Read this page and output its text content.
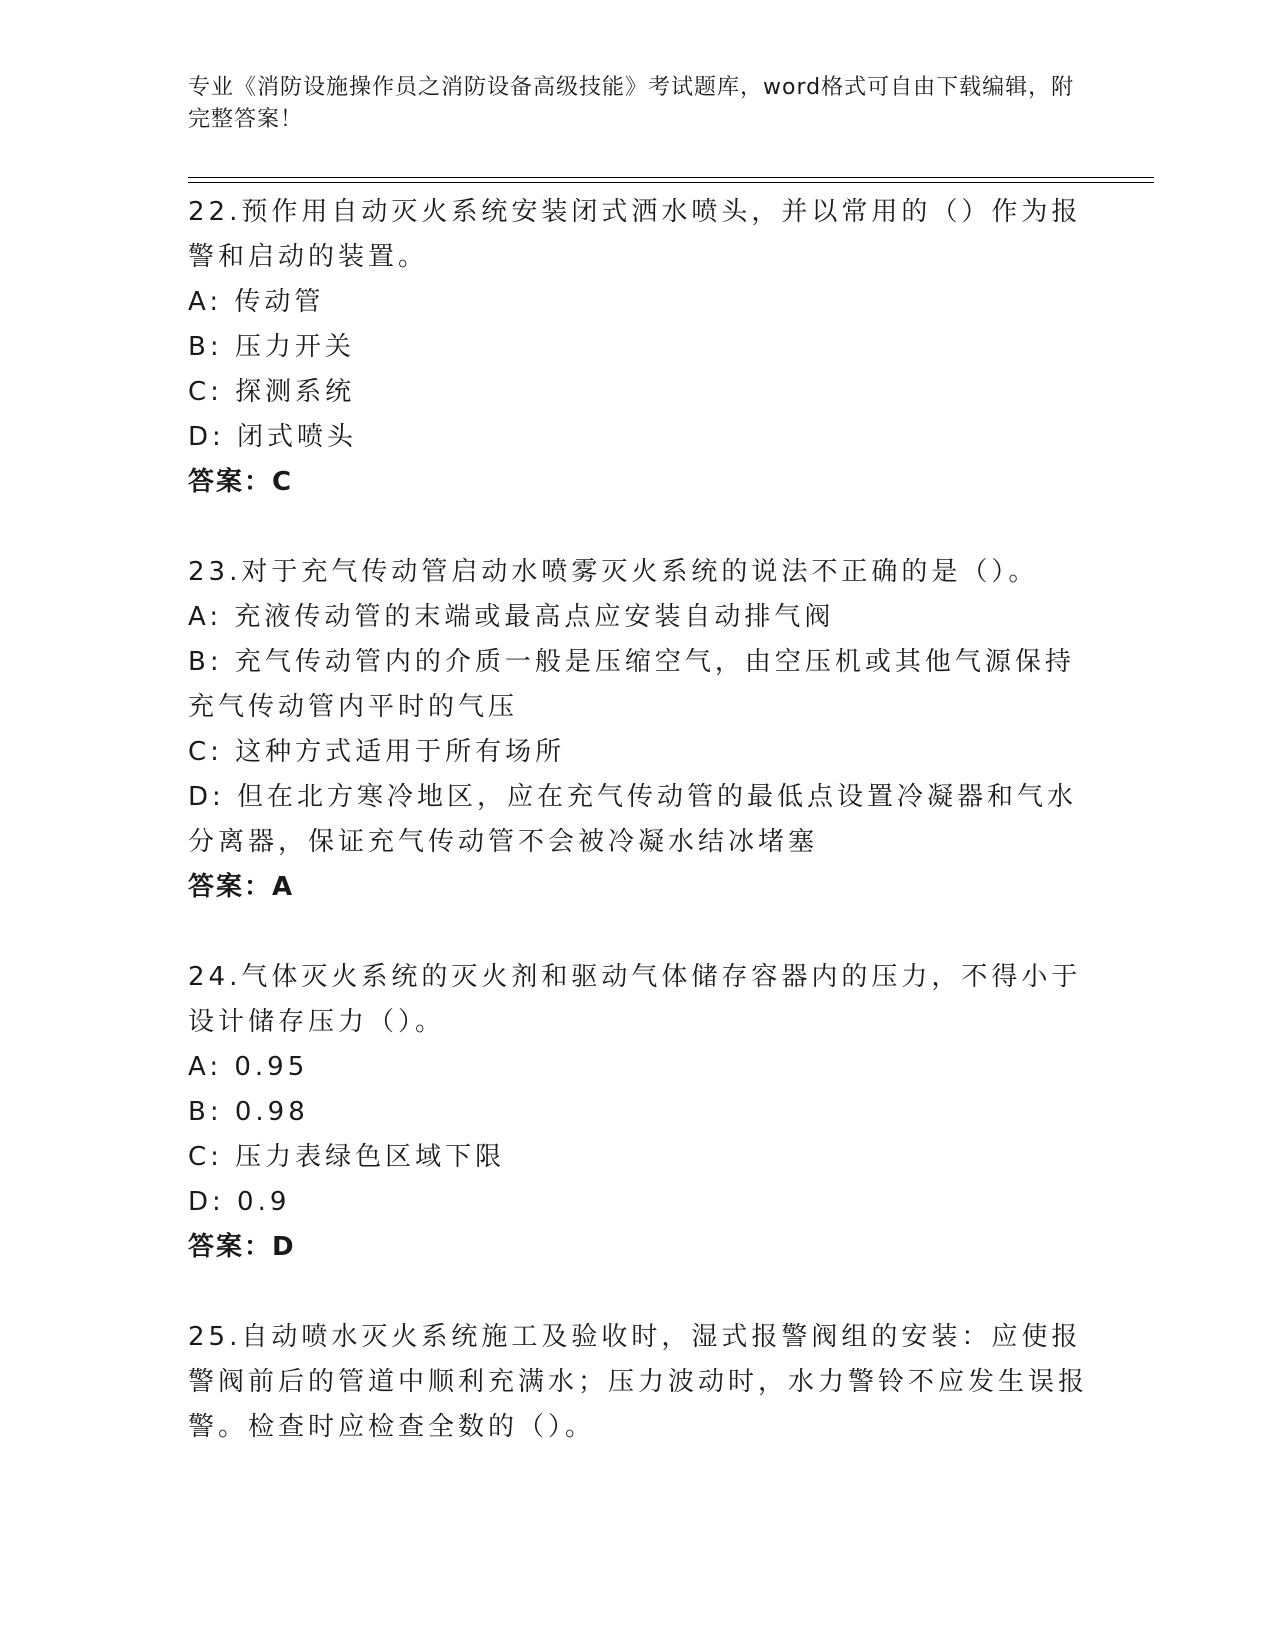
专业《消防设施操作员之消防设备高级技能》考试题库，word格式可自由下载编辑，附完整答案！

22.预作用自动灭火系统安装闭式洒水喷头，并以常用的（）作为报警和启动的装置。

A: 传动管

B: 压力开关

C: 探测系统

D: 闭式喷头

答案：C

23.对于充气传动管启动水喷雾灭火系统的说法不正确的是（）。

A: 充液传动管的末端或最高点应安装自动排气阀

B: 充气传动管内的介质一般是压缩空气，由空压机或其他气源保持充气传动管内平时的气压

C: 这种方式适用于所有场所

D: 但在北方寒冷地区，应在充气传动管的最低点设置冷凝器和气水分离器，保证充气传动管不会被冷凝水结冰堵塞

答案：A

24.气体灭火系统的灭火剂和驱动气体储存容器内的压力，不得小于设计储存压力（）。

A: 0.95

B: 0.98

C: 压力表绿色区域下限

D: 0.9

答案：D

25.自动喷水灭火系统施工及验收时，湿式报警阀组的安装：应使报警阀前后的管道中顺利充满水；压力波动时，水力警铃不应发生误报警。检查时应检查全数的（）。
